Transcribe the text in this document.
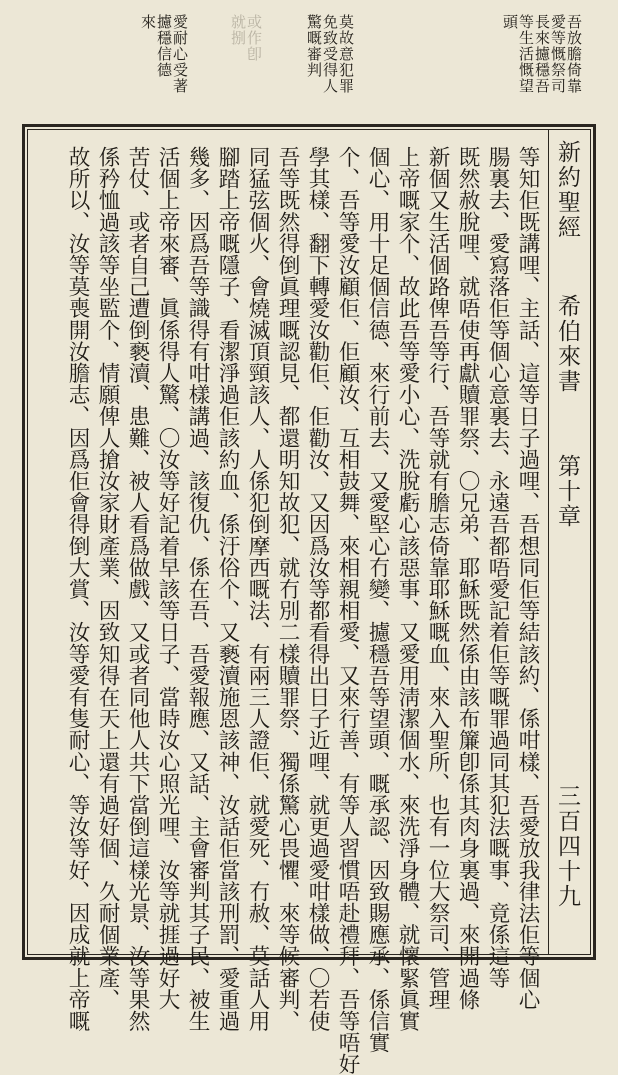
吾放膽倚靠
愛等慨祭司
長來攄穩吾
等生活慨望
頭
莫故意犯罪
免致受得人
驚嘅審判
或作卽
就捌
愛耐心受著
攄穩信德
來
新約聖經
希伯來書
第十章
三百四十九
等知佢既講哩、主話、這等日子過哩、吾想同佢等結該約、係咁樣、吾愛放我律法佢等個心
腸裏去、愛寫落佢等個心意裏去、永遠吾都唔愛記着佢等嘅罪過同其犯法嘅事、竟係這等
既然赦脫哩、就唔使再獻贖罪祭、〇兄弟、耶穌既然係由該布簾卽係其肉身裏過、來開過條
新個又生活個路俾吾等行、吾等就有膽志倚靠耶穌嘅血、來入聖所、也有一位大祭司、管理
上帝嘅家个、故此吾等愛小心、洗脫虧心該惡事、又愛用淸潔個水、來洗淨身體、就懷緊眞實
個心、用十足個信德、來行前去、又愛堅心冇變、攄穩吾等望頭、嘅承認、因致賜應承、係信實
个、吾等愛汝顧佢、佢顧汝、互相鼓舞、來相親相愛、又來行善、有等人習慣唔赴禮拜、吾等唔好
學其樣、翻下轉愛汝勸佢、佢勸汝、又因爲汝等都看得出日子近哩、就更過愛咁樣做、〇若使
吾等既然得倒眞理嘅認見、都還明知故犯、就冇別二樣贖罪祭、獨係驚心畏懼、來等候審判、
同猛弦個火、會燒滅頂頸該人、人係犯倒摩西嘅法、有兩三人證佢、就愛死、冇赦、莫話人用
腳踏上帝嘅隱子、看潔淨過佢該約血、係汙俗个、又褻瀆施恩該神、汝話佢當該刑罰、愛重過
幾多、因爲吾等識得有咁樣講過、該復仇、係在吾、吾愛報應、又話、主會審判其子民、被生
活個上帝來審、眞係得人驚、〇汝等好記着早該等日子、當時汝心照光哩、汝等就捱過好大
苦仗、或者自己遭倒褻瀆、患難、被人看爲做戲、又或者同他人共下當倒這樣光景、汝等果然
係矜恤過該等坐監个、情願俾人搶汝家財產業、因致知得在天上還有過好個、久耐個業產、
故所以、汝等莫喪開汝膽志、因爲佢會得倒大賞、汝等愛有隻耐心、等汝等好、因成就上帝嘅
